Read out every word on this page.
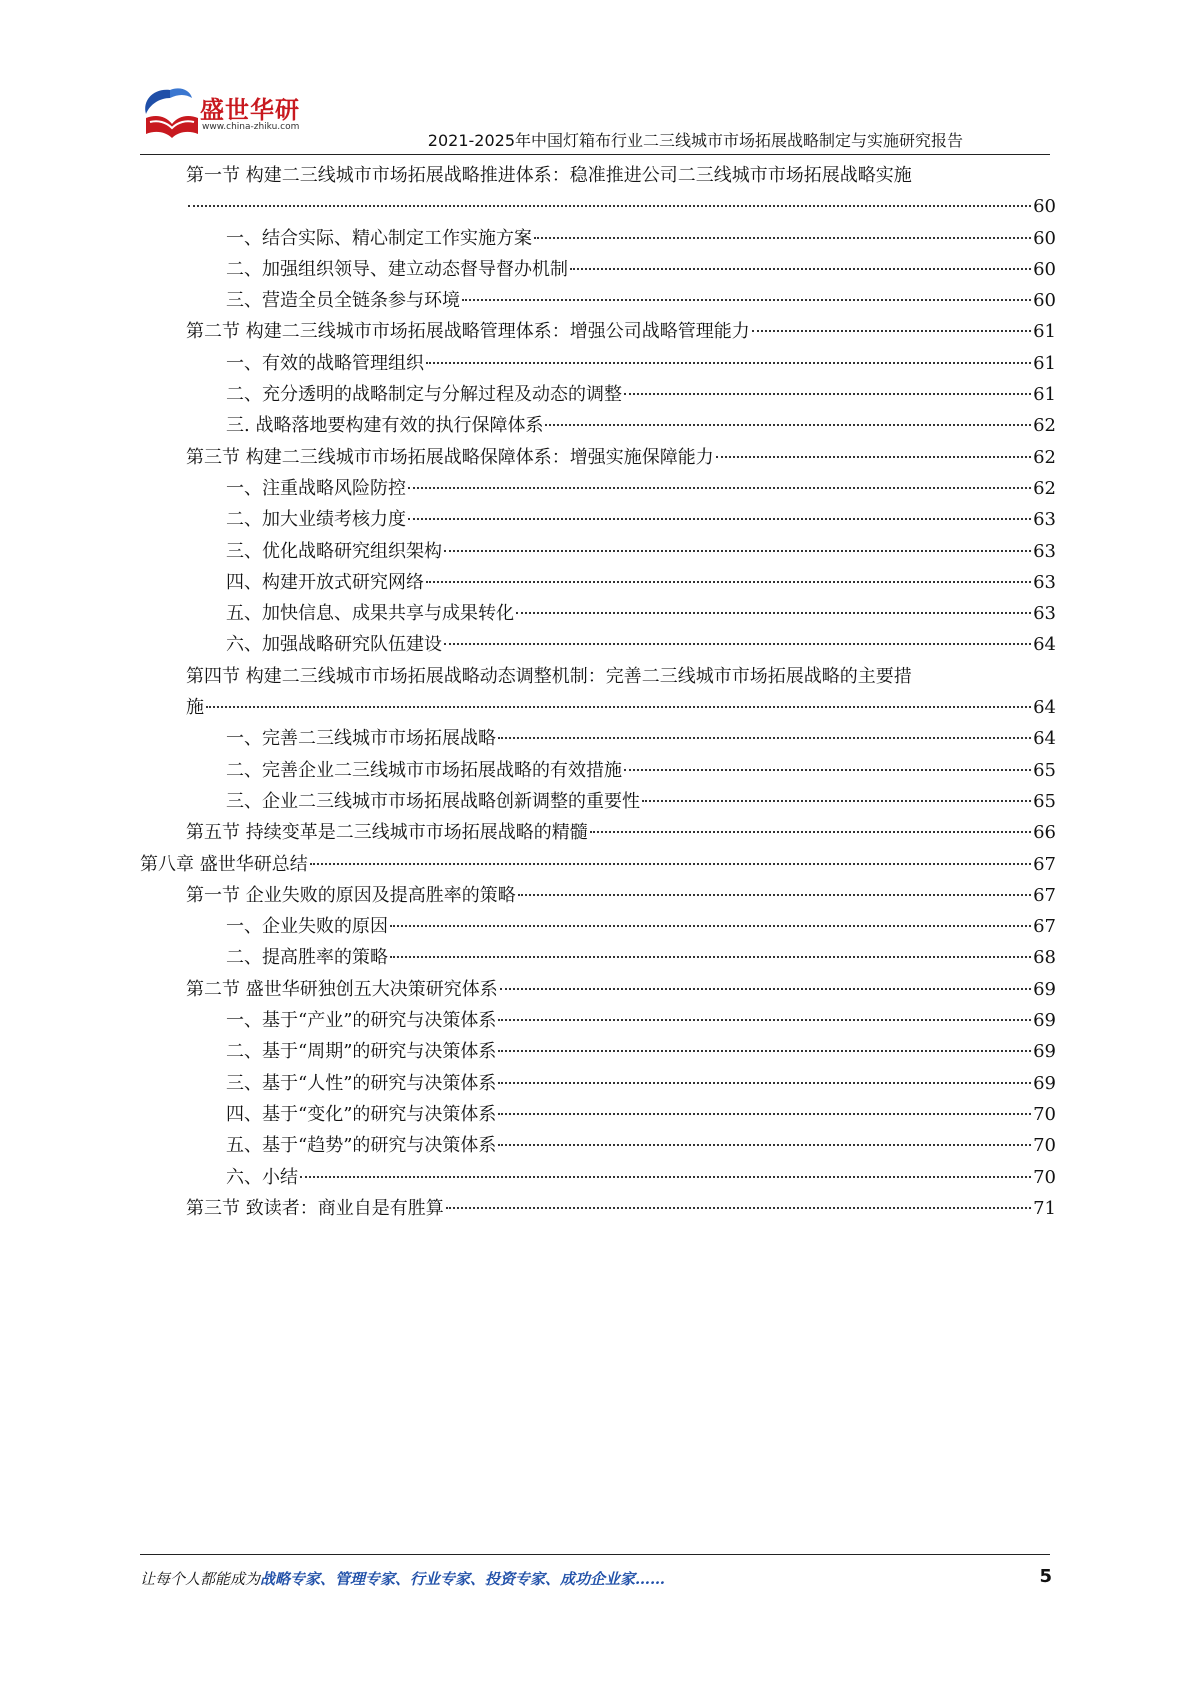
盛世华研
www.china-zhiku.com
2021-2025年中国灯箱布行业二三线城市市场拓展战略制定与实施研究报告
第一节 构建二三线城市市场拓展战略推进体系：稳准推进公司二三线城市市场拓展战略实施
60
一、结合实际、精心制定工作实施方案	60
二、加强组织领导、建立动态督导督办机制	60
三、营造全员全链条参与环境	60
第二节 构建二三线城市市场拓展战略管理体系：增强公司战略管理能力	61
一、有效的战略管理组织	61
二、充分透明的战略制定与分解过程及动态的调整	61
三. 战略落地要构建有效的执行保障体系	62
第三节 构建二三线城市市场拓展战略保障体系：增强实施保障能力	62
一、注重战略风险防控	62
二、加大业绩考核力度	63
三、优化战略研究组织架构	63
四、构建开放式研究网络	63
五、加快信息、成果共享与成果转化	63
六、加强战略研究队伍建设	64
第四节 构建二三线城市市场拓展战略动态调整机制：完善二三线城市市场拓展战略的主要措
施	64
一、完善二三线城市市场拓展战略	64
二、完善企业二三线城市市场拓展战略的有效措施	65
三、企业二三线城市市场拓展战略创新调整的重要性	65
第五节 持续变革是二三线城市市场拓展战略的精髓	66
第八章 盛世华研总结	67
第一节 企业失败的原因及提高胜率的策略	67
一、企业失败的原因	67
二、提高胜率的策略	68
第二节 盛世华研独创五大决策研究体系	69
一、基于“产业”的研究与决策体系	69
二、基于“周期”的研究与决策体系	69
三、基于“人性”的研究与决策体系	69
四、基于“变化”的研究与决策体系	70
五、基于“趋势”的研究与决策体系	70
六、小结	70
第三节 致读者：商业自是有胜算	71
让每个人都能成为战略专家、管理专家、行业专家、投资专家、成功企业家……	5
